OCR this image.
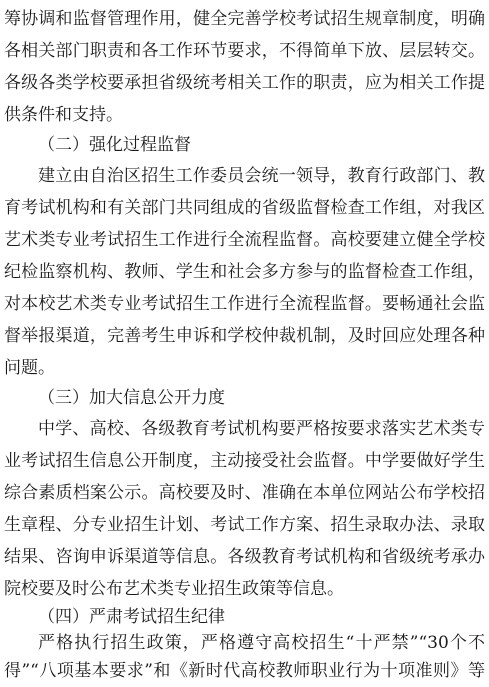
筹协调和监督管理作用，健全完善学校考试招生规章制度，明确
各相关部门职责和各工作环节要求，不得简单下放、层层转交。
各级各类学校要承担省级统考相关工作的职责，应为相关工作提
供条件和支持。
（二）强化过程监督
建立由自治区招生工作委员会统一领导，教育行政部门、教
育考试机构和有关部门共同组成的省级监督检查工作组，对我区
艺术类专业考试招生工作进行全流程监督。高校要建立健全学校
纪检监察机构、教师、学生和社会多方参与的监督检查工作组，
对本校艺术类专业考试招生工作进行全流程监督。要畅通社会监
督举报渠道，完善考生申诉和学校仲裁机制，及时回应处理各种
问题。
（三）加大信息公开力度
中学、高校、各级教育考试机构要严格按要求落实艺术类专
业考试招生信息公开制度，主动接受社会监督。中学要做好学生
综合素质档案公示。高校要及时、准确在本单位网站公布学校招
生章程、分专业招生计划、考试工作方案、招生录取办法、录取
结果、咨询申诉渠道等信息。各级教育考试机构和省级统考承办
院校要及时公布艺术类专业招生政策等信息。
（四）严肃考试招生纪律
严格执行招生政策，严格遵守高校招生“十严禁”“30个不
得”“八项基本要求”和《新时代高校教师职业行为十项准则》等
